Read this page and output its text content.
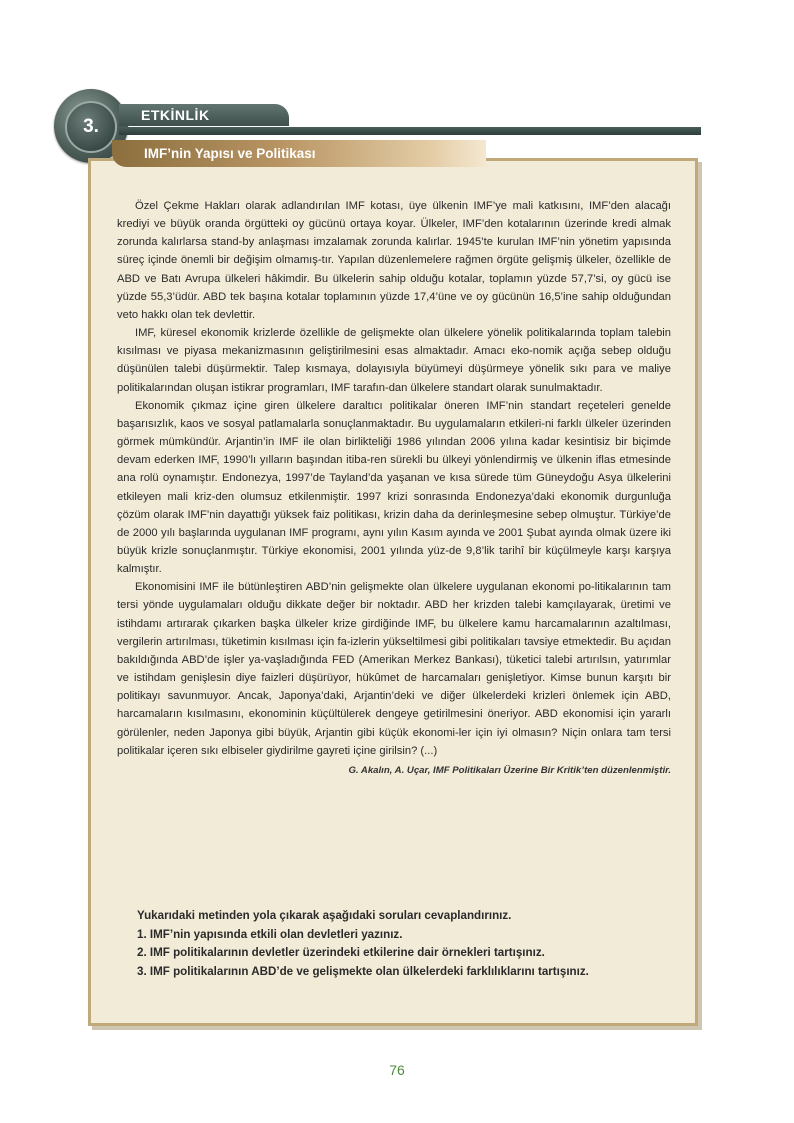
3.
ETKİNLİK
IMF’nin Yapısı ve Politikası

Özel Çekme Hakları olarak adlandırılan IMF kotası, üye ülkenin IMF’ye mali katkısını, IMF’den alacağı krediyi ve büyük oranda örgütteki oy gücünü ortaya koyar. Ülkeler, IMF’den kotalarının üzerinde kredi almak zorunda kalırlarsa stand-by anlaşması imzalamak zorunda kalırlar. 1945’te kurulan IMF’nin yönetim yapısında süreç içinde önemli bir değişim olmamış-tır. Yapılan düzenlemelere rağmen örgüte gelişmiş ülkeler, özellikle de ABD ve Batı Avrupa ülkeleri hâkimdir. Bu ülkelerin sahip olduğu kotalar, toplamın yüzde 57,7’si, oy gücü ise yüzde 55,3’üdür. ABD tek başına kotalar toplamının yüzde 17,4’üne ve oy gücünün 16,5’ine sahip olduğundan veto hakkı olan tek devlettir.

IMF, küresel ekonomik krizlerde özellikle de gelişmekte olan ülkelere yönelik politikalarında toplam talebin kısılması ve piyasa mekanizmasının geliştirilmesini esas almaktadır. Amacı eko-nomik açığa sebep olduğu düşünülen talebi düşürmektir. Talep kısmaya, dolayısıyla büyümeyi düşürmeye yönelik sıkı para ve maliye politikalarından oluşan istikrar programları, IMF tarafın-dan ülkelere standart olarak sunulmaktadır.

Ekonomik çıkmaz içine giren ülkelere daraltıcı politikalar öneren IMF’nin standart reçeteleri genelde başarısızlık, kaos ve sosyal patlamalarla sonuçlanmaktadır. Bu uygulamaların etkileri-ni farklı ülkeler üzerinden görmek mümkündür. Arjantin’in IMF ile olan birlikteliği 1986 yılından 2006 yılına kadar kesintisiz bir biçimde devam ederken IMF, 1990’lı yılların başından itiba-ren sürekli bu ülkeyi yönlendirmiş ve ülkenin iflas etmesinde ana rolü oynamıştır. Endonezya, 1997’de Tayland’da yaşanan ve kısa sürede tüm Güneydoğu Asya ülkelerini etkileyen mali kriz-den olumsuz etkilenmiştir. 1997 krizi sonrasında Endonezya’daki ekonomik durgunluğa çözüm olarak IMF’nin dayattığı yüksek faiz politikası, krizin daha da derinleşmesine sebep olmuştur. Türkiye’de de 2000 yılı başlarında uygulanan IMF programı, aynı yılın Kasım ayında ve 2001 Şubat ayında olmak üzere iki büyük krizle sonuçlanmıştır. Türkiye ekonomisi, 2001 yılında yüz-de 9,8’lik tarihî bir küçülmeyle karşı karşıya kalmıştır.

Ekonomisini IMF ile bütünleştiren ABD’nin gelişmekte olan ülkelere uygulanan ekonomi po-litikalarının tam tersi yönde uygulamaları olduğu dikkate değer bir noktadır. ABD her krizden talebi kamçılayarak, üretimi ve istihdamı artırarak çıkarken başka ülkeler krize girdiğinde IMF, bu ülkelere kamu harcamalarının azaltılması, vergilerin artırılması, tüketimin kısılması için fa-izlerin yükseltilmesi gibi politikaları tavsiye etmektedir. Bu açıdan bakıldığında ABD’de işler ya-vaşladığında FED (Amerikan Merkez Bankası), tüketici talebi artırılsın, yatırımlar ve istihdam genişlesin diye faizleri düşürüyor, hükûmet de harcamaları genişletiyor. Kimse bunun karşıtı bir politikayı savunmuyor. Ancak, Japonya’daki, Arjantin’deki ve diğer ülkelerdeki krizleri önlemek için ABD, harcamaların kısılmasını, ekonominin küçültülerek dengeye getirilmesini öneriyor. ABD ekonomisi için yararlı görülenler, neden Japonya gibi büyük, Arjantin gibi küçük ekonomi-ler için iyi olmasın? Niçin onlara tam tersi politikalar içeren sıkı elbiseler giydirilme gayreti içine girilsin? (...)

G. Akalın, A. Uçar, IMF Politikaları Üzerine Bir Kritik’ten düzenlenmiştir.
Yukarıdaki metinden yola çıkarak aşağıdaki soruları cevaplandırınız.
1. IMF’nin yapısında etkili olan devletleri yazınız.
2. IMF politikalarının devletler üzerindeki etkilerine dair örnekleri tartışınız.
3. IMF politikalarının ABD’de ve gelişmekte olan ülkelerdeki farklılıklarını tartışınız.
76
